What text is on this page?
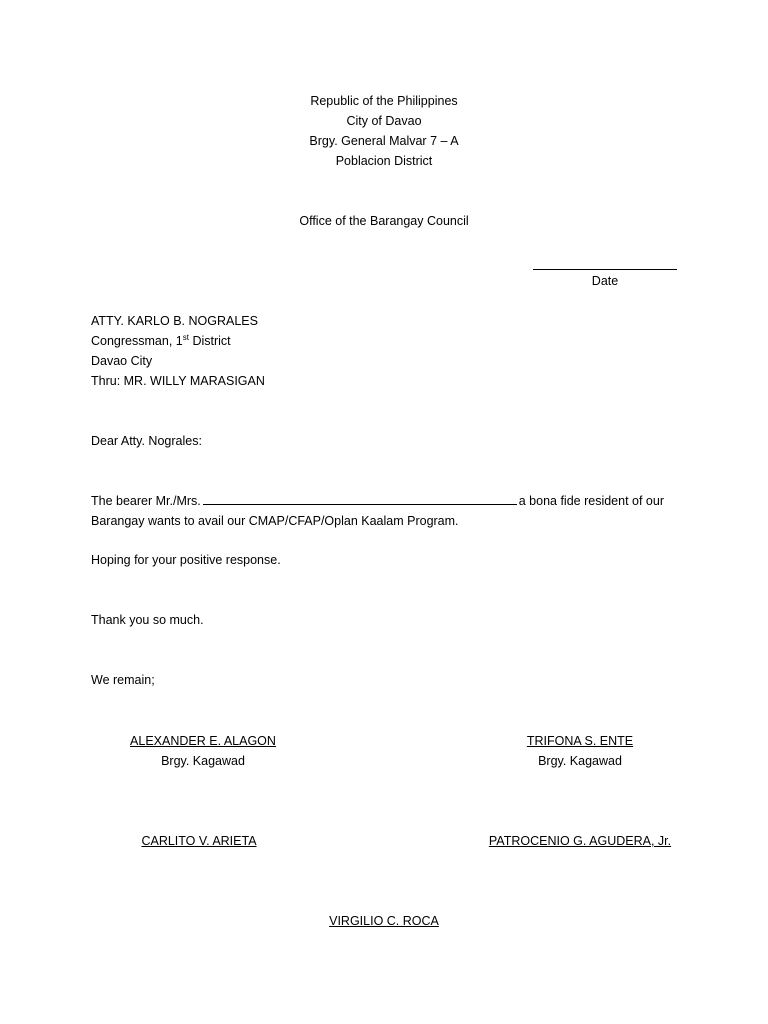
Republic of the Philippines
City of Davao
Brgy. General Malvar 7 – A
Poblacion District
Office of the Barangay Council
Date
ATTY. KARLO B. NOGRALES
Congressman, 1st District
Davao City
Thru: MR. WILLY MARASIGAN
Dear Atty. Nograles:
The bearer Mr./Mrs.	a bona fide resident of our
Barangay wants to avail our CMAP/CFAP/Oplan Kaalam Program.
Hoping for your positive response.
Thank you so much.
We remain;
ALEXANDER E. ALAGON
Brgy. Kagawad
TRIFONA S. ENTE
Brgy. Kagawad
CARLITO V. ARIETA	PATROCENIO G. AGUDERA, Jr.
VIRGILIO C. ROCA
